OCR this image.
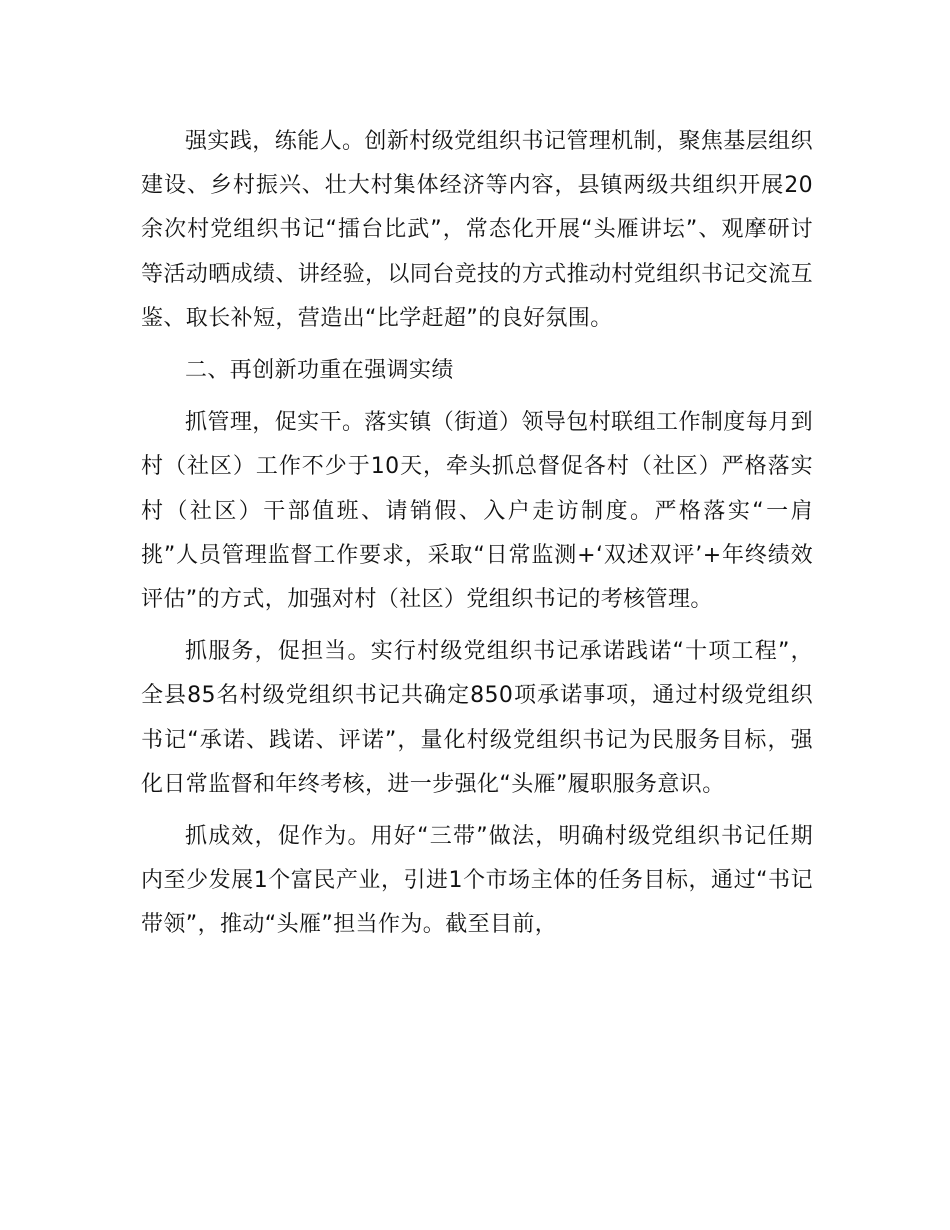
强实践，练能人。创新村级党组织书记管理机制，聚焦基层组织建设、乡村振兴、壮大村集体经济等内容，县镇两级共组织开展20余次村党组织书记“擂台比武”，常态化开展“头雁讲坛”、观摩研讨等活动晒成绩、讲经验，以同台竞技的方式推动村党组织书记交流互鉴、取长补短，营造出“比学赶超”的良好氛围。

二、再创新功重在强调实绩

抓管理，促实干。落实镇（街道）领导包村联组工作制度每月到村（社区）工作不少于10天，牵头抓总督促各村（社区）严格落实村（社区）干部值班、请销假、入户走访制度。严格落实“一肩挑”人员管理监督工作要求，采取“日常监测+‘双述双评’+年终绩效评估”的方式，加强对村（社区）党组织书记的考核管理。

抓服务，促担当。实行村级党组织书记承诺践诺“十项工程”，全县85名村级党组织书记共确定850项承诺事项，通过村级党组织书记“承诺、践诺、评诺”，量化村级党组织书记为民服务目标，强化日常监督和年终考核，进一步强化“头雁”履职服务意识。

抓成效，促作为。用好“三带”做法，明确村级党组织书记任期内至少发展1个富民产业，引进1个市场主体的任务目标，通过“书记带领”，推动“头雁”担当作为。截至目前，
